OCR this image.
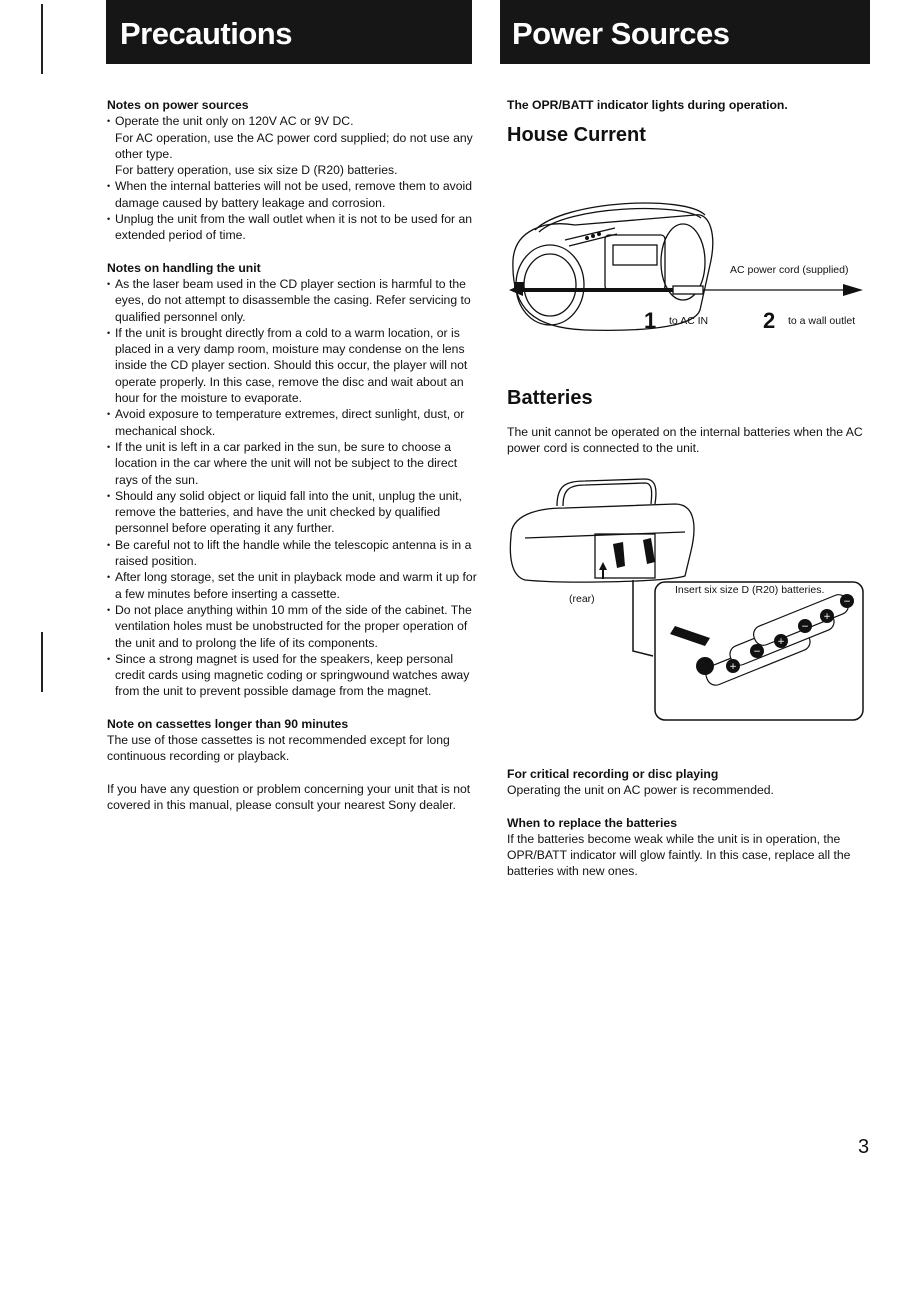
Precautions	Power Sources

Notes on power sources

• Operate the unit only on 120V AC or 9V DC.

For AC operation, use the AC power cord supplied; do not use any other type.

For battery operation, use six size D (R20) batteries.

• When the internal batteries will not be used, remove them to avoid damage caused by battery leakage and corrosion.

• Unplug the unit from the wall outlet when it is not to be used for an extended period of time.

Notes on handling the unit

• As the laser beam used in the CD player section is harmful to the eyes, do not attempt to disassemble the casing. Refer servicing to qualified personnel only.

• If the unit is brought directly from a cold to a warm location, or is placed in a very damp room, moisture may condense on the lens inside the CD player section. Should this occur, the player will not operate properly. In this case, remove the disc and wait about an hour for the moisture to evaporate.

• Avoid exposure to temperature extremes, direct sunlight, dust, or mechanical shock.

• If the unit is left in a car parked in the sun, be sure to choose a location in the car where the unit will not be subject to the direct rays of the sun.

• Should any solid object or liquid fall into the unit, unplug the unit, remove the batteries, and have the unit checked by qualified personnel before operating it any further.

• Be careful not to lift the handle while the telescopic antenna is in a raised position.

• After long storage, set the unit in playback mode and warm it up for a few minutes before inserting a cassette.

• Do not place anything within 10 mm of the side of the cabinet. The ventilation holes must be unobstructed for the proper operation of the unit and to prolong the life of its components.

• Since a strong magnet is used for the speakers, keep personal credit cards using magnetic coding or springwound watches away from the unit to prevent possible damage from the magnet.

Note on cassettes longer than 90 minutes

The use of those cassettes is not recommended except for long continuous recording or playback.

If you have any question or problem concerning your unit that is not covered in this manual, please consult your nearest Sony dealer.

The OPR/BATT indicator lights during operation.

House Current

Batteries

The unit cannot be operated on the internal batteries when the AC power cord is connected to the unit.

For critical recording or disc playing

Operating the unit on AC power is recommended.

When to replace the batteries

If the batteries become weak while the unit is in operation, the OPR/BATT indicator will glow faintly. In this case, replace all the batteries with new ones.

AC power cord (supplied)
1 to AC IN 2 to a wall outlet
+
+
+
−
−
−
(rear)
Insert six size D (R20) batteries.
3
